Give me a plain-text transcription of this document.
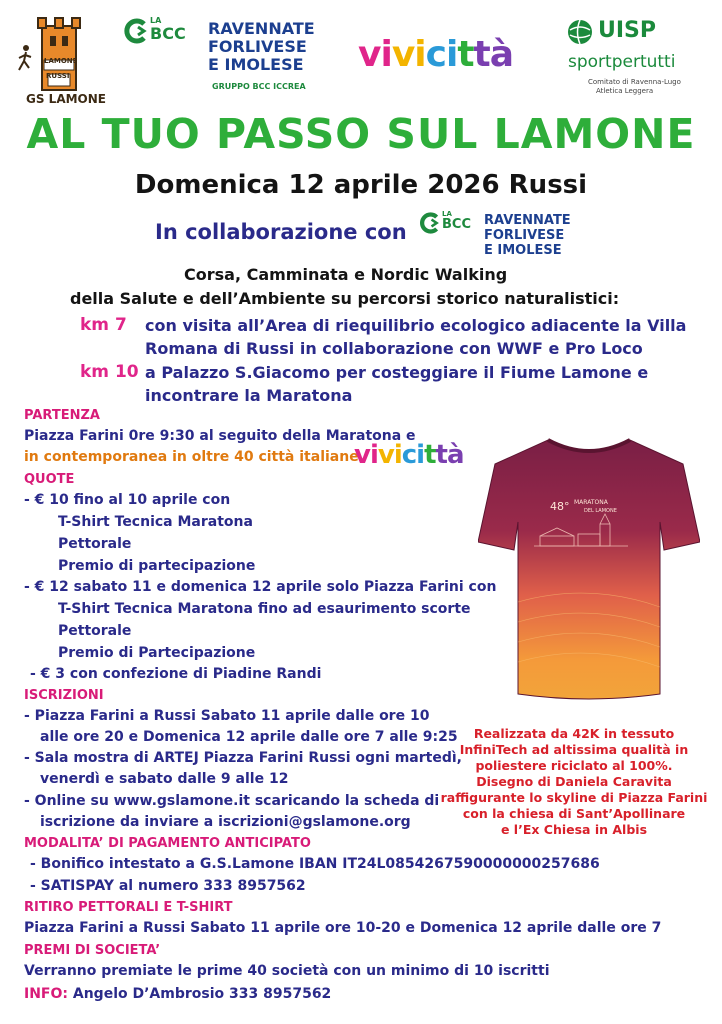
LAMONE
RUSSI
GS LAMONE
LA
BCC RAVENNATE
FORLIVESE
E IMOLESE
GRUPPO BCC ICCREA
vivicittà
UISP
sportpertutti
Comitato di Ravenna-Lugo
Atletica Leggera
AL TUO PASSO SUL LAMONE
Domenica 12 aprile 2026 Russi
In collaborazione con
LA
BCC RAVENNATE
FORLIVESE
E IMOLESE
Corsa, Camminata e Nordic Walking
della Salute e dell’Ambiente su percorsi storico naturalistici:
km 7 con visita all’Area di riequilibrio ecologico adiacente la Villa
Romana di Russi in collaborazione con WWF e Pro Loco
km 10 a Palazzo S.Giacomo per costeggiare il Fiume Lamone e
incontrare la Maratona
PARTENZA
Piazza Farini 0re 9:30 al seguito della Maratona e
in contemporanea in oltre 40 città italiane
vivicittà
QUOTE
- € 10 fino al 10 aprile con
T-Shirt Tecnica Maratona
Pettorale
Premio di partecipazione
- € 12 sabato 11 e domenica 12 aprile solo Piazza Farini con
T-Shirt Tecnica Maratona fino ad esaurimento scorte
Pettorale
Premio di Partecipazione
- € 3 con confezione di Piadine Randi
ISCRIZIONI
- Piazza Farini a Russi Sabato 11 aprile dalle ore 10
alle ore 20 e Domenica 12 aprile dalle ore 7 alle 9:25
- Sala mostra di ARTEJ Piazza Farini Russi ogni martedì,
venerdì e sabato dalle 9 alle 12
- Online su www.gslamone.it scaricando la scheda di
iscrizione da inviare a iscrizioni@gslamone.org
MODALITA’ DI PAGAMENTO ANTICIPATO
- Bonifico intestato a G.S.Lamone IBAN IT24L0854267590000000257686
- SATISPAY al numero 333 8957562
RITIRO PETTORALI E T-SHIRT
Piazza Farini a Russi Sabato 11 aprile ore 10-20 e Domenica 12 aprile dalle ore 7
PREMI DI SOCIETA’
Verranno premiate le prime 40 società con un minimo di 10 iscritti
INFO: Angelo D’Ambrosio 333 8957562
48° MARATONA
DEL LAMONE
Realizzata da 42K in tessuto
InfiniTech ad altissima qualità in
poliestere riciclato al 100%.
Disegno di Daniela Caravita
raffigurante lo skyline di Piazza Farini
con la chiesa di Sant’Apollinare
e l’Ex Chiesa in Albis
